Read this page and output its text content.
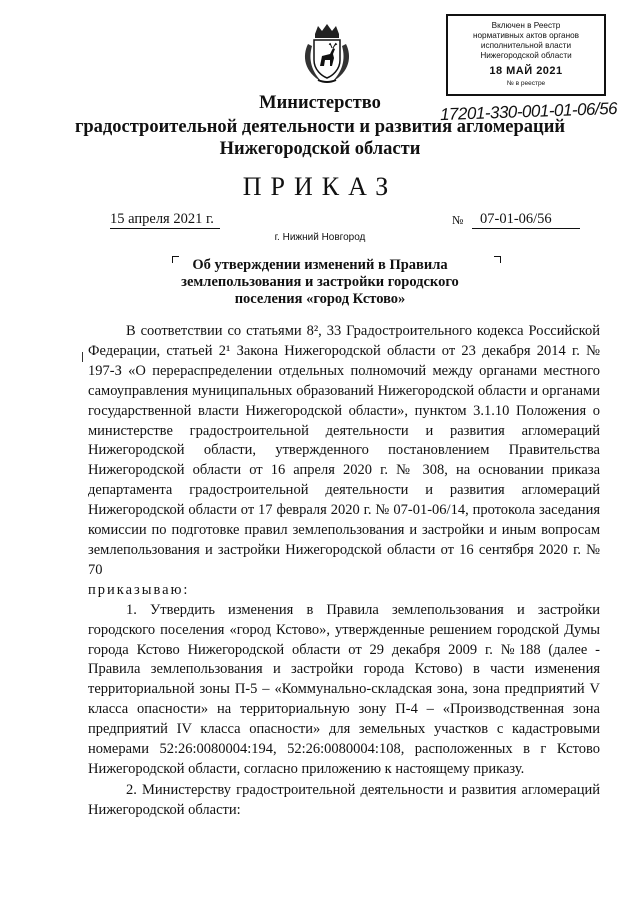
Включен в Реестр
нормативных актов органов
исполнительной власти
Нижегородской области
18 МАЙ 2021
№ в реестре
17201-330-001-01-06/56
Министерство
градостроительной деятельности и развития агломераций
Нижегородской области
ПРИКАЗ
15 апреля 2021 г.	№ 07-01-06/56
г. Нижний Новгород
Об утверждении изменений в Правила
землепользования и застройки городского
поселения «город Кстово»

В соответствии со статьями 8², 33 Градостроительного кодекса Российской Федерации, статьей 2¹ Закона Нижегородской области от 23 декабря 2014 г. № 197-З «О перераспределении отдельных полномочий между органами местного самоуправления муниципальных образований Нижегородской области и органами государственной власти Нижегородской области», пунктом 3.1.10 Положения о министерстве градостроительной деятельности и развития агломераций Нижегородской области, утвержденного постановлением Правительства Нижегородской области от 16 апреля 2020 г. № 308, на основании приказа департамента градостроительной деятельности и развития агломераций Нижегородской области от 17 февраля 2020 г. № 07-01-06/14, протокола заседания комиссии по подготовке правил землепользования и застройки и иным вопросам землепользования и застройки Нижегородской области от 16 сентября 2020 г. № 70

приказываю:

1. Утвердить изменения в Правила землепользования и застройки городского поселения «город Кстово», утвержденные решением городской Думы города Кстово Нижегородской области от 29 декабря 2009 г. №188 (далее - Правила землепользования и застройки города Кстово) в части изменения территориальной зоны П-5 – «Коммунально-складская зона, зона предприятий V класса опасности» на территориальную зону П-4 – «Производственная зона предприятий IV класса опасности» для земельных участков с кадастровыми номерами 52:26:0080004:194, 52:26:0080004:108, расположенных в г Кстово Нижегородской области, согласно приложению к настоящему приказу.

2. Министерству градостроительной деятельности и развития агломераций Нижегородской области:
